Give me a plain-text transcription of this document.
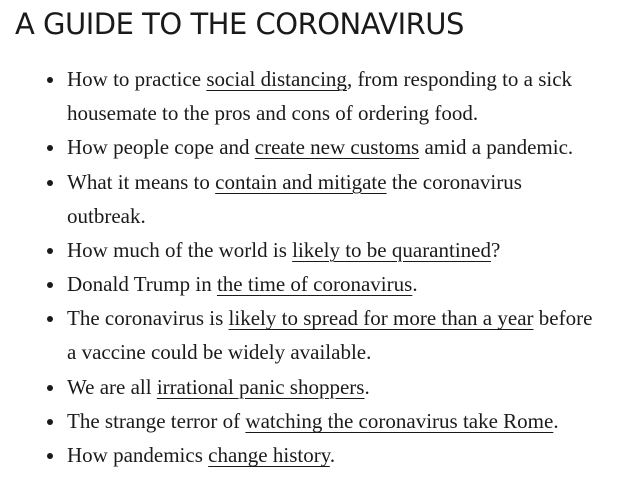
A GUIDE TO THE CORONAVIRUS
How to practice social distancing, from responding to a sick
housemate to the pros and cons of ordering food.
How people cope and create new customs amid a pandemic.
What it means to contain and mitigate the coronavirus
outbreak.
How much of the world is likely to be quarantined?
Donald Trump in the time of coronavirus.
The coronavirus is likely to spread for more than a year before
a vaccine could be widely available.
We are all irrational panic shoppers.
The strange terror of watching the coronavirus take Rome.
How pandemics change history.
